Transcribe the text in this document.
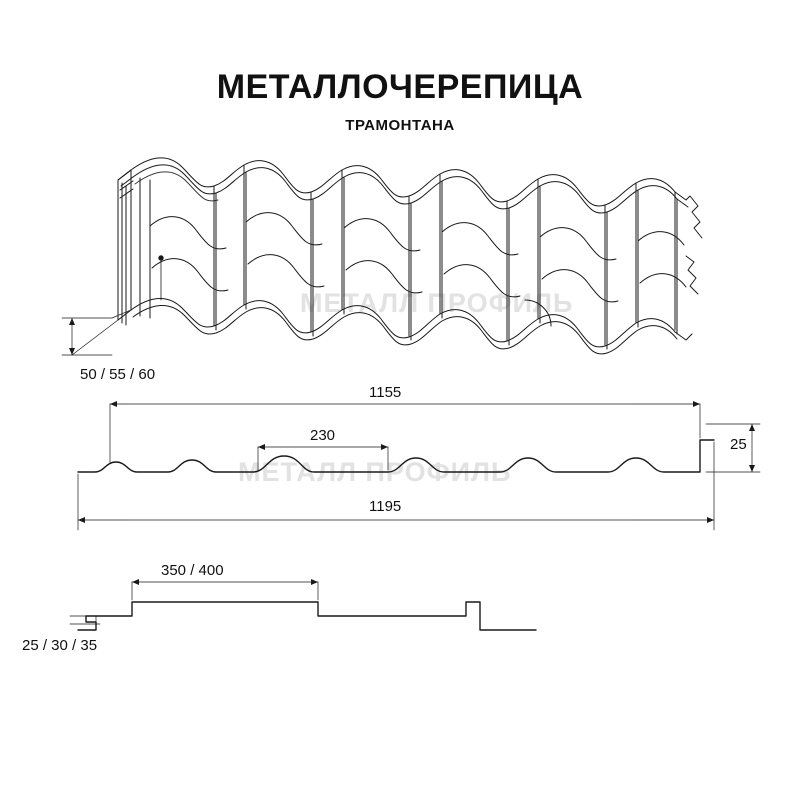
МЕТАЛЛ ПРОФИЛЬ
МЕТАЛЛ ПРОФИЛЬ
МЕТАЛЛОЧЕРЕПИЦА
ТРАМОНТАНА
50 / 55 / 60
1155
230
25
1195
350 / 400
25 / 30 / 35
